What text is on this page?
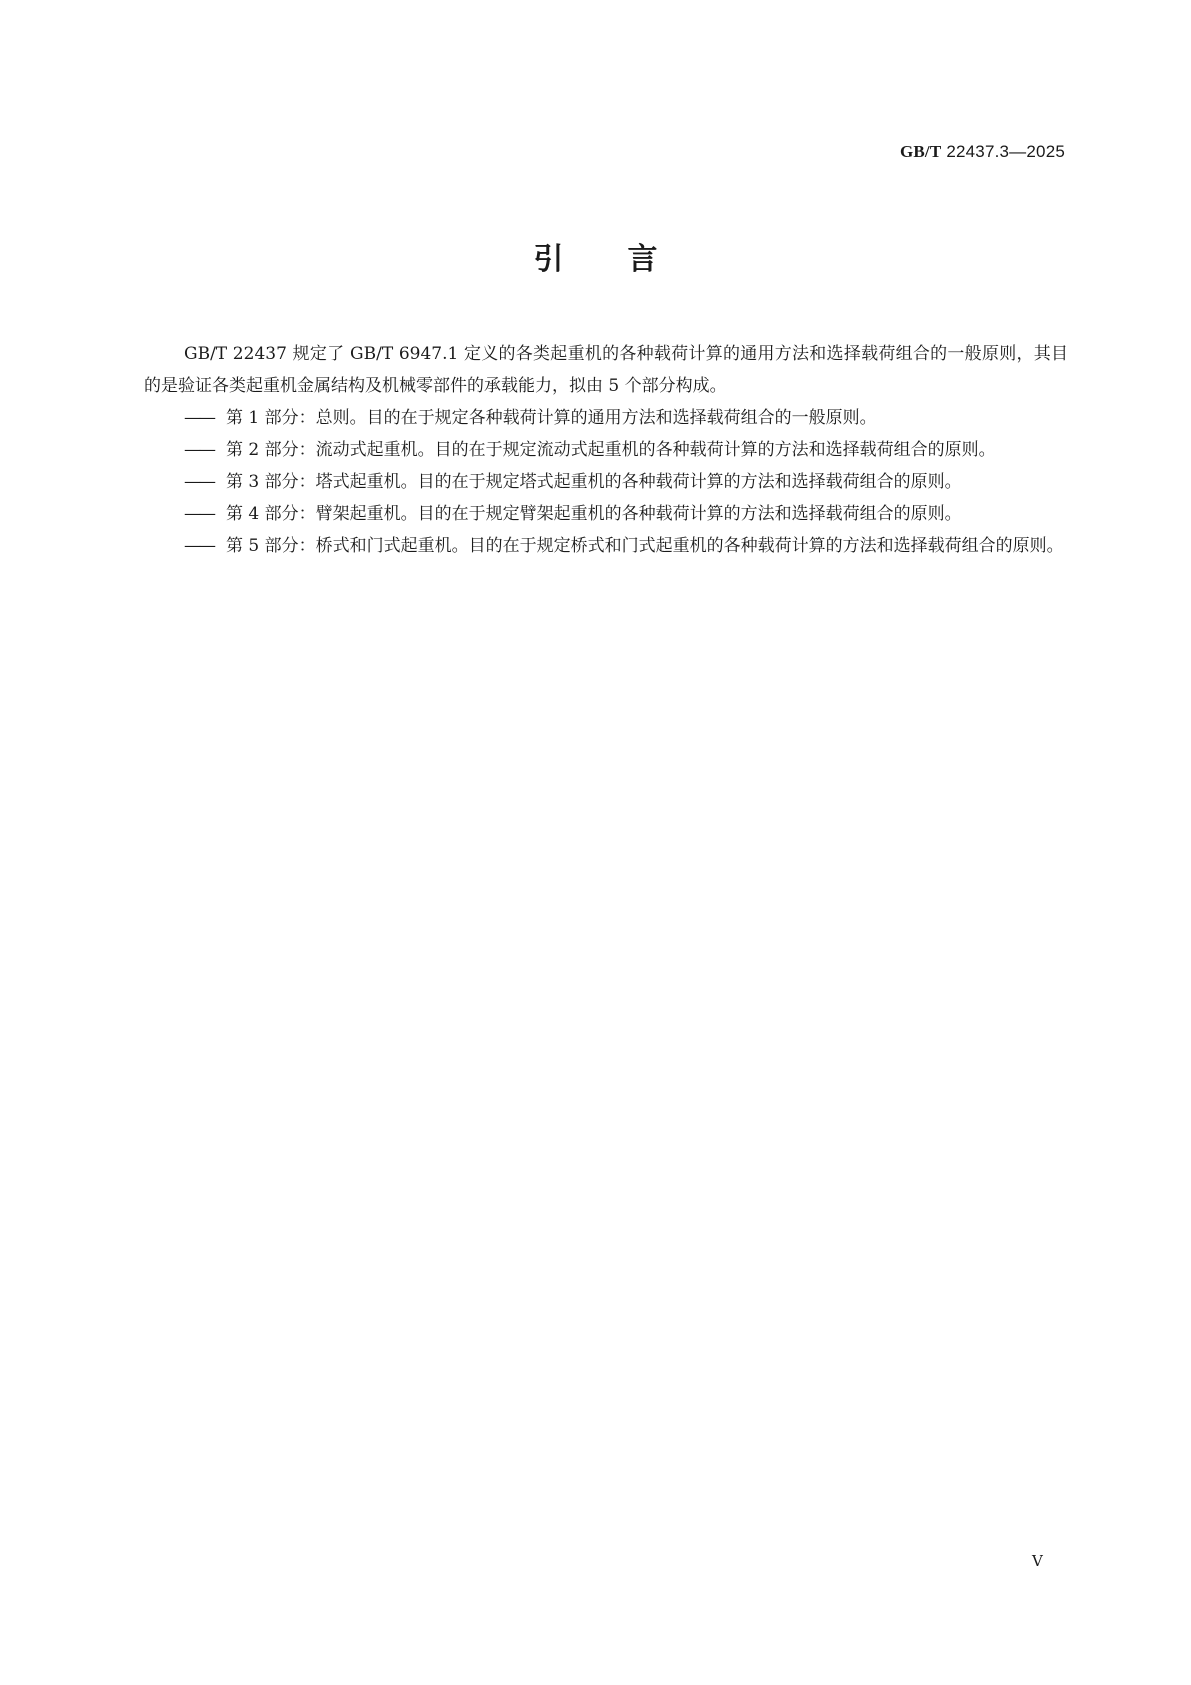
GB/T 22437.3—2025
引言

GB/T 22437 规定了 GB/T 6947.1 定义的各类起重机的各种载荷计算的通用方法和选择载荷组合的一般原则，其目的是验证各类起重机金属结构及机械零部件的承载能力，拟由 5 个部分构成。

—— 第 1 部分：总则。目的在于规定各种载荷计算的通用方法和选择载荷组合的一般原则。
—— 第 2 部分：流动式起重机。目的在于规定流动式起重机的各种载荷计算的方法和选择载荷组合的原则。
—— 第 3 部分：塔式起重机。目的在于规定塔式起重机的各种载荷计算的方法和选择载荷组合的原则。
—— 第 4 部分：臂架起重机。目的在于规定臂架起重机的各种载荷计算的方法和选择载荷组合的原则。
—— 第 5 部分：桥式和门式起重机。目的在于规定桥式和门式起重机的各种载荷计算的方法和选择载荷组合的原则。
V
